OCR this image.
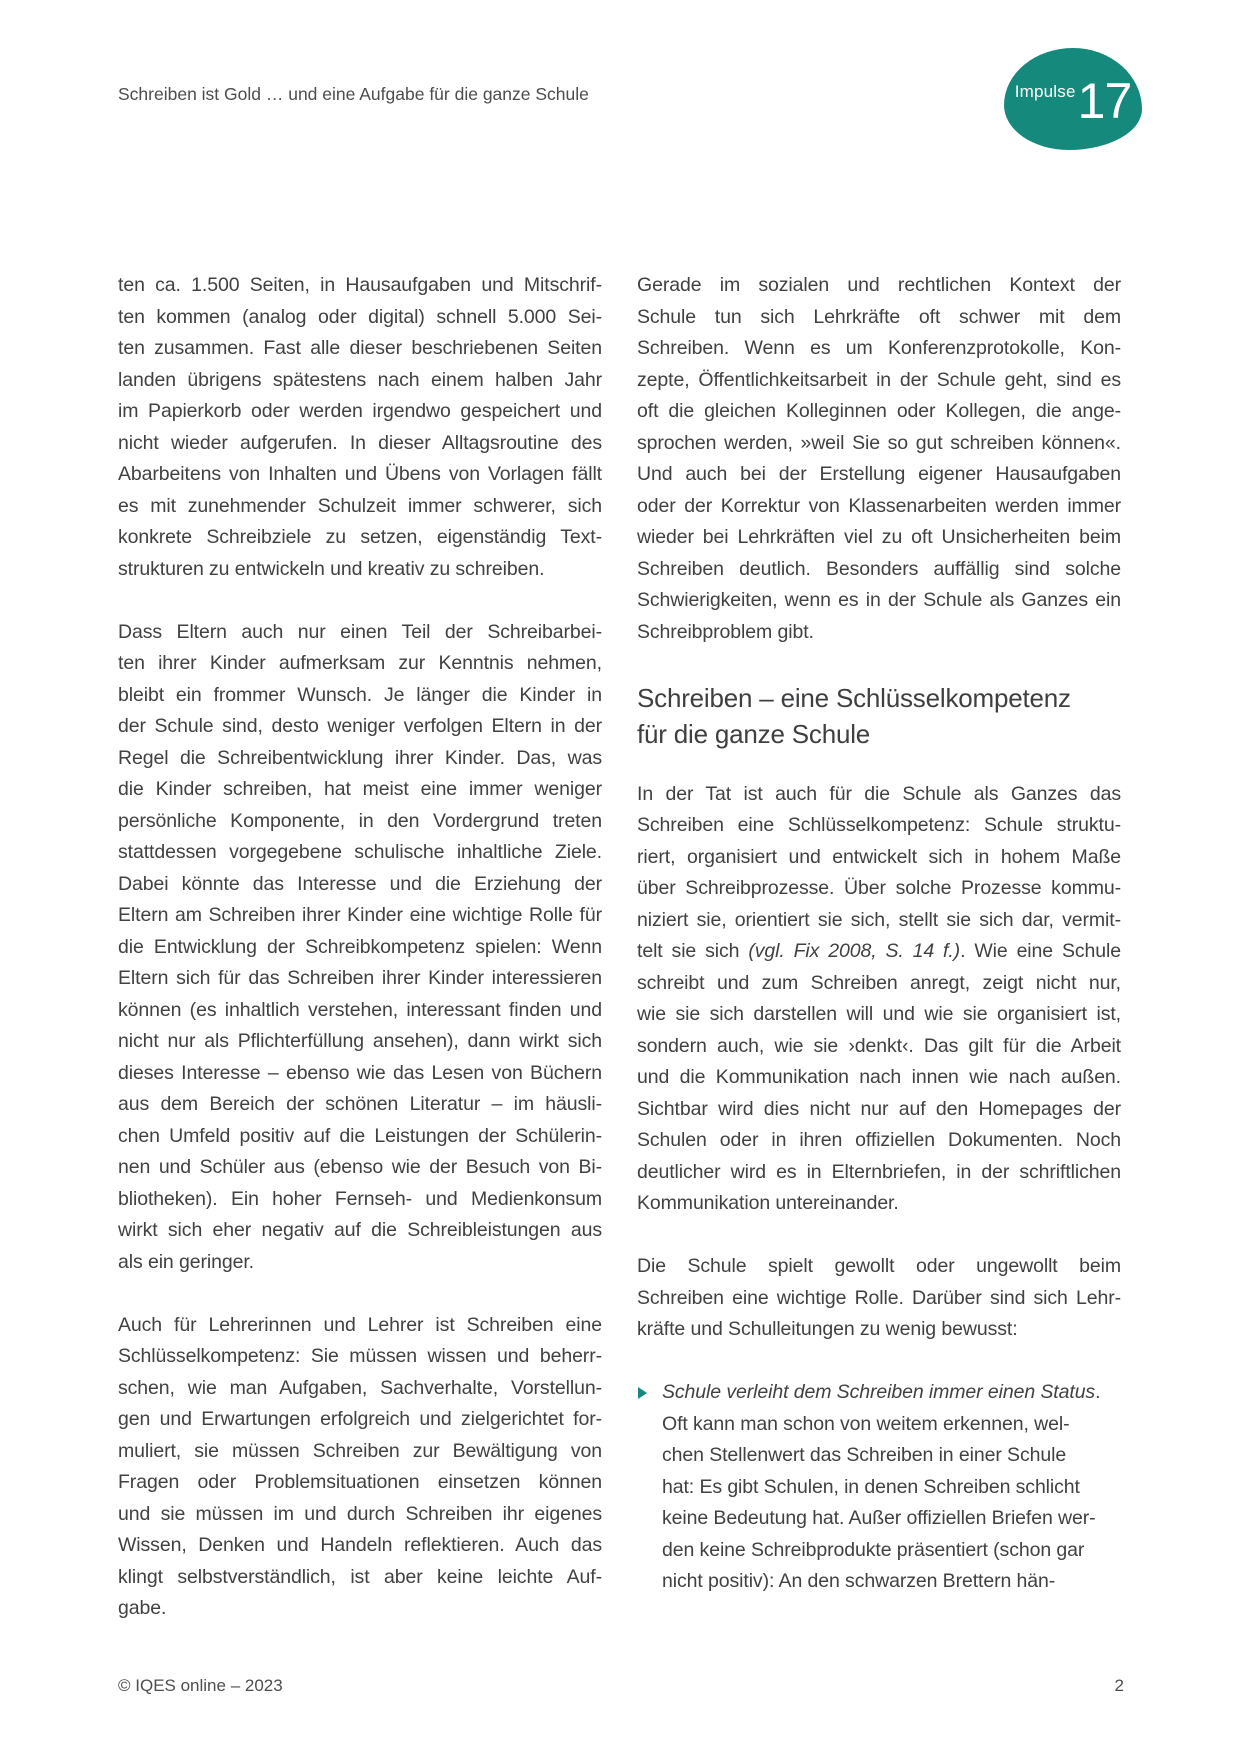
Schreiben ist Gold … und eine Aufgabe für die ganze Schule	Impulse 17
ten ca. 1.500 Seiten, in Hausaufgaben und Mitschrif-
ten kommen (analog oder digital) schnell 5.000 Sei-
ten zusammen. Fast alle dieser beschriebenen Seiten
landen übrigens spätestens nach einem halben Jahr
im Papierkorb oder werden irgendwo gespeichert und
nicht wieder aufgerufen. In dieser Alltagsroutine des
Abarbeitens von Inhalten und Übens von Vorlagen fällt
es mit zunehmender Schulzeit immer schwerer, sich
konkrete Schreibziele zu setzen, eigenständig Text-
strukturen zu entwickeln und kreativ zu schreiben.
Dass Eltern auch nur einen Teil der Schreibarbei-
ten ihrer Kinder aufmerksam zur Kenntnis nehmen,
bleibt ein frommer Wunsch. Je länger die Kinder in
der Schule sind, desto weniger verfolgen Eltern in der
Regel die Schreibentwicklung ihrer Kinder. Das, was
die Kinder schreiben, hat meist eine immer weniger
persönliche Komponente, in den Vordergrund treten
stattdessen vorgegebene schulische inhaltliche Ziele.
Dabei könnte das Interesse und die Erziehung der
Eltern am Schreiben ihrer Kinder eine wichtige Rolle für
die Entwicklung der Schreibkompetenz spielen: Wenn
Eltern sich für das Schreiben ihrer Kinder interessieren
können (es inhaltlich verstehen, interessant finden und
nicht nur als Pflichterfüllung ansehen), dann wirkt sich
dieses Interesse – ebenso wie das Lesen von Büchern
aus dem Bereich der schönen Literatur – im häusli-
chen Umfeld positiv auf die Leistungen der Schülerin-
nen und Schüler aus (ebenso wie der Besuch von Bi-
bliotheken). Ein hoher Fernseh- und Medienkonsum
wirkt sich eher negativ auf die Schreibleistungen aus
als ein geringer.
Auch für Lehrerinnen und Lehrer ist Schreiben eine
Schlüsselkompetenz: Sie müssen wissen und beherr-
schen, wie man Aufgaben, Sachverhalte, Vorstellun-
gen und Erwartungen erfolgreich und zielgerichtet for-
muliert, sie müssen Schreiben zur Bewältigung von
Fragen oder Problemsituationen einsetzen können
und sie müssen im und durch Schreiben ihr eigenes
Wissen, Denken und Handeln reflektieren. Auch das
klingt selbstverständlich, ist aber keine leichte Auf-
gabe.
Gerade im sozialen und rechtlichen Kontext der
Schule tun sich Lehrkräfte oft schwer mit dem
Schreiben. Wenn es um Konferenzprotokolle, Kon-
zepte, Öffentlichkeitsarbeit in der Schule geht, sind es
oft die gleichen Kolleginnen oder Kollegen, die ange-
sprochen werden, »weil Sie so gut schreiben können«.
Und auch bei der Erstellung eigener Hausaufgaben
oder der Korrektur von Klassenarbeiten werden immer
wieder bei Lehrkräften viel zu oft Unsicherheiten beim
Schreiben deutlich. Besonders auffällig sind solche
Schwierigkeiten, wenn es in der Schule als Ganzes ein
Schreibproblem gibt.
Schreiben – eine Schlüsselkompetenz
für die ganze Schule
In der Tat ist auch für die Schule als Ganzes das
Schreiben eine Schlüsselkompetenz: Schule struktu-
riert, organisiert und entwickelt sich in hohem Maße
über Schreibprozesse. Über solche Prozesse kommu-
niziert sie, orientiert sie sich, stellt sie sich dar, vermit-
telt sie sich (vgl. Fix 2008, S. 14 f.). Wie eine Schule
schreibt und zum Schreiben anregt, zeigt nicht nur,
wie sie sich darstellen will und wie sie organisiert ist,
sondern auch, wie sie ›denkt‹. Das gilt für die Arbeit
und die Kommunikation nach innen wie nach außen.
Sichtbar wird dies nicht nur auf den Homepages der
Schulen oder in ihren offiziellen Dokumenten. Noch
deutlicher wird es in Elternbriefen, in der schriftlichen
Kommunikation untereinander.
Die Schule spielt gewollt oder ungewollt beim
Schreiben eine wichtige Rolle. Darüber sind sich Lehr-
kräfte und Schulleitungen zu wenig bewusst:
Schule verleiht dem Schreiben immer einen Status.
Oft kann man schon von weitem erkennen, wel-
chen Stellenwert das Schreiben in einer Schule
hat: Es gibt Schulen, in denen Schreiben schlicht
keine Bedeutung hat. Außer offiziellen Briefen wer-
den keine Schreibprodukte präsentiert (schon gar
nicht positiv): An den schwarzen Brettern hän-
© IQES online – 2023	2
